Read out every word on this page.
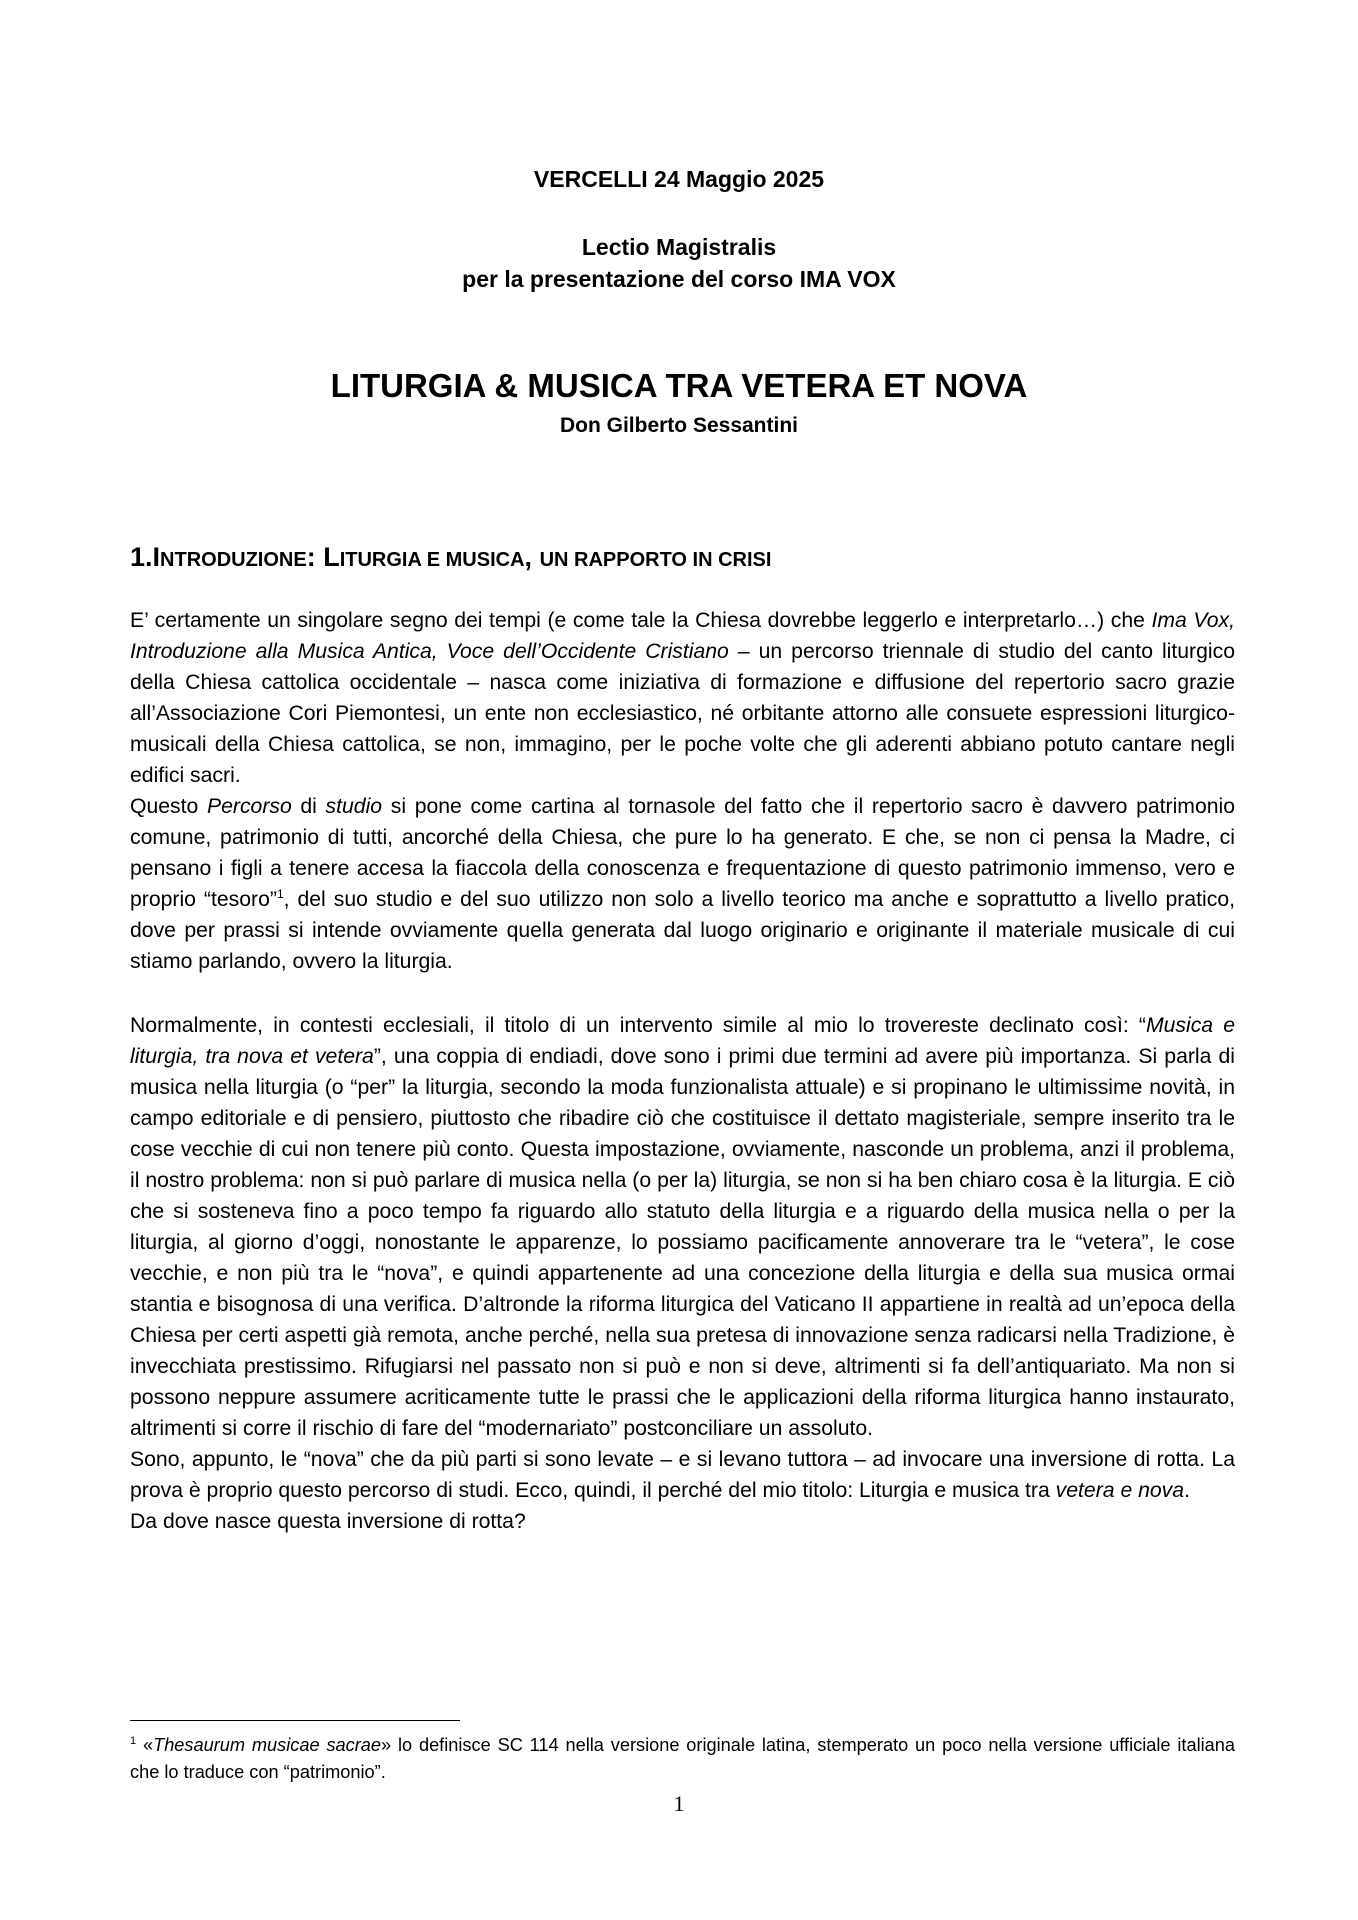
VERCELLI 24 Maggio 2025
Lectio Magistralis
per la presentazione del corso IMA VOX
LITURGIA & MUSICA TRA VETERA ET NOVA
Don Gilberto Sessantini
1.INTRODUZIONE: LITURGIA E MUSICA, UN RAPPORTO IN CRISI

E’ certamente un singolare segno dei tempi (e come tale la Chiesa dovrebbe leggerlo e interpretarlo…) che Ima Vox, Introduzione alla Musica Antica, Voce dell’Occidente Cristiano – un percorso triennale di studio del canto liturgico della Chiesa cattolica occidentale – nasca come iniziativa di formazione e diffusione del repertorio sacro grazie all’Associazione Cori Piemontesi, un ente non ecclesiastico, né orbitante attorno alle consuete espressioni liturgico-musicali della Chiesa cattolica, se non, immagino, per le poche volte che gli aderenti abbiano potuto cantare negli edifici sacri.

Questo Percorso di studio si pone come cartina al tornasole del fatto che il repertorio sacro è davvero patrimonio comune, patrimonio di tutti, ancorché della Chiesa, che pure lo ha generato. E che, se non ci pensa la Madre, ci pensano i figli a tenere accesa la fiaccola della conoscenza e frequentazione di questo patrimonio immenso, vero e proprio “tesoro”$^1$, del suo studio e del suo utilizzo non solo a livello teorico ma anche e soprattutto a livello pratico, dove per prassi si intende ovviamente quella generata dal luogo originario e originante il materiale musicale di cui stiamo parlando, ovvero la liturgia.

Normalmente, in contesti ecclesiali, il titolo di un intervento simile al mio lo trovereste declinato così: “Musica e liturgia, tra nova et vetera”, una coppia di endiadi, dove sono i primi due termini ad avere più importanza. Si parla di musica nella liturgia (o “per” la liturgia, secondo la moda funzionalista attuale) e si propinano le ultimissime novità, in campo editoriale e di pensiero, piuttosto che ribadire ciò che costituisce il dettato magisteriale, sempre inserito tra le cose vecchie di cui non tenere più conto. Questa impostazione, ovviamente, nasconde un problema, anzi il problema, il nostro problema: non si può parlare di musica nella (o per la) liturgia, se non si ha ben chiaro cosa è la liturgia. E ciò che si sosteneva fino a poco tempo fa riguardo allo statuto della liturgia e a riguardo della musica nella o per la liturgia, al giorno d’oggi, nonostante le apparenze, lo possiamo pacificamente annoverare tra le “vetera”, le cose vecchie, e non più tra le “nova”, e quindi appartenente ad una concezione della liturgia e della sua musica ormai stantia e bisognosa di una verifica. D’altronde la riforma liturgica del Vaticano II appartiene in realtà ad un’epoca della Chiesa per certi aspetti già remota, anche perché, nella sua pretesa di innovazione senza radicarsi nella Tradizione, è invecchiata prestissimo. Rifugiarsi nel passato non si può e non si deve, altrimenti si fa dell’antiquariato. Ma non si possono neppure assumere acriticamente tutte le prassi che le applicazioni della riforma liturgica hanno instaurato, altrimenti si corre il rischio di fare del “modernariato” postconciliare un assoluto.

Sono, appunto, le “nova” che da più parti si sono levate – e si levano tuttora – ad invocare una inversione di rotta. La prova è proprio questo percorso di studi. Ecco, quindi, il perché del mio titolo: Liturgia e musica tra vetera e nova.

Da dove nasce questa inversione di rotta?

$^1$ «Thesaurum musicae sacrae» lo definisce SC 114 nella versione originale latina, stemperato un poco nella versione ufficiale italiana che lo traduce con “patrimonio”.
1
